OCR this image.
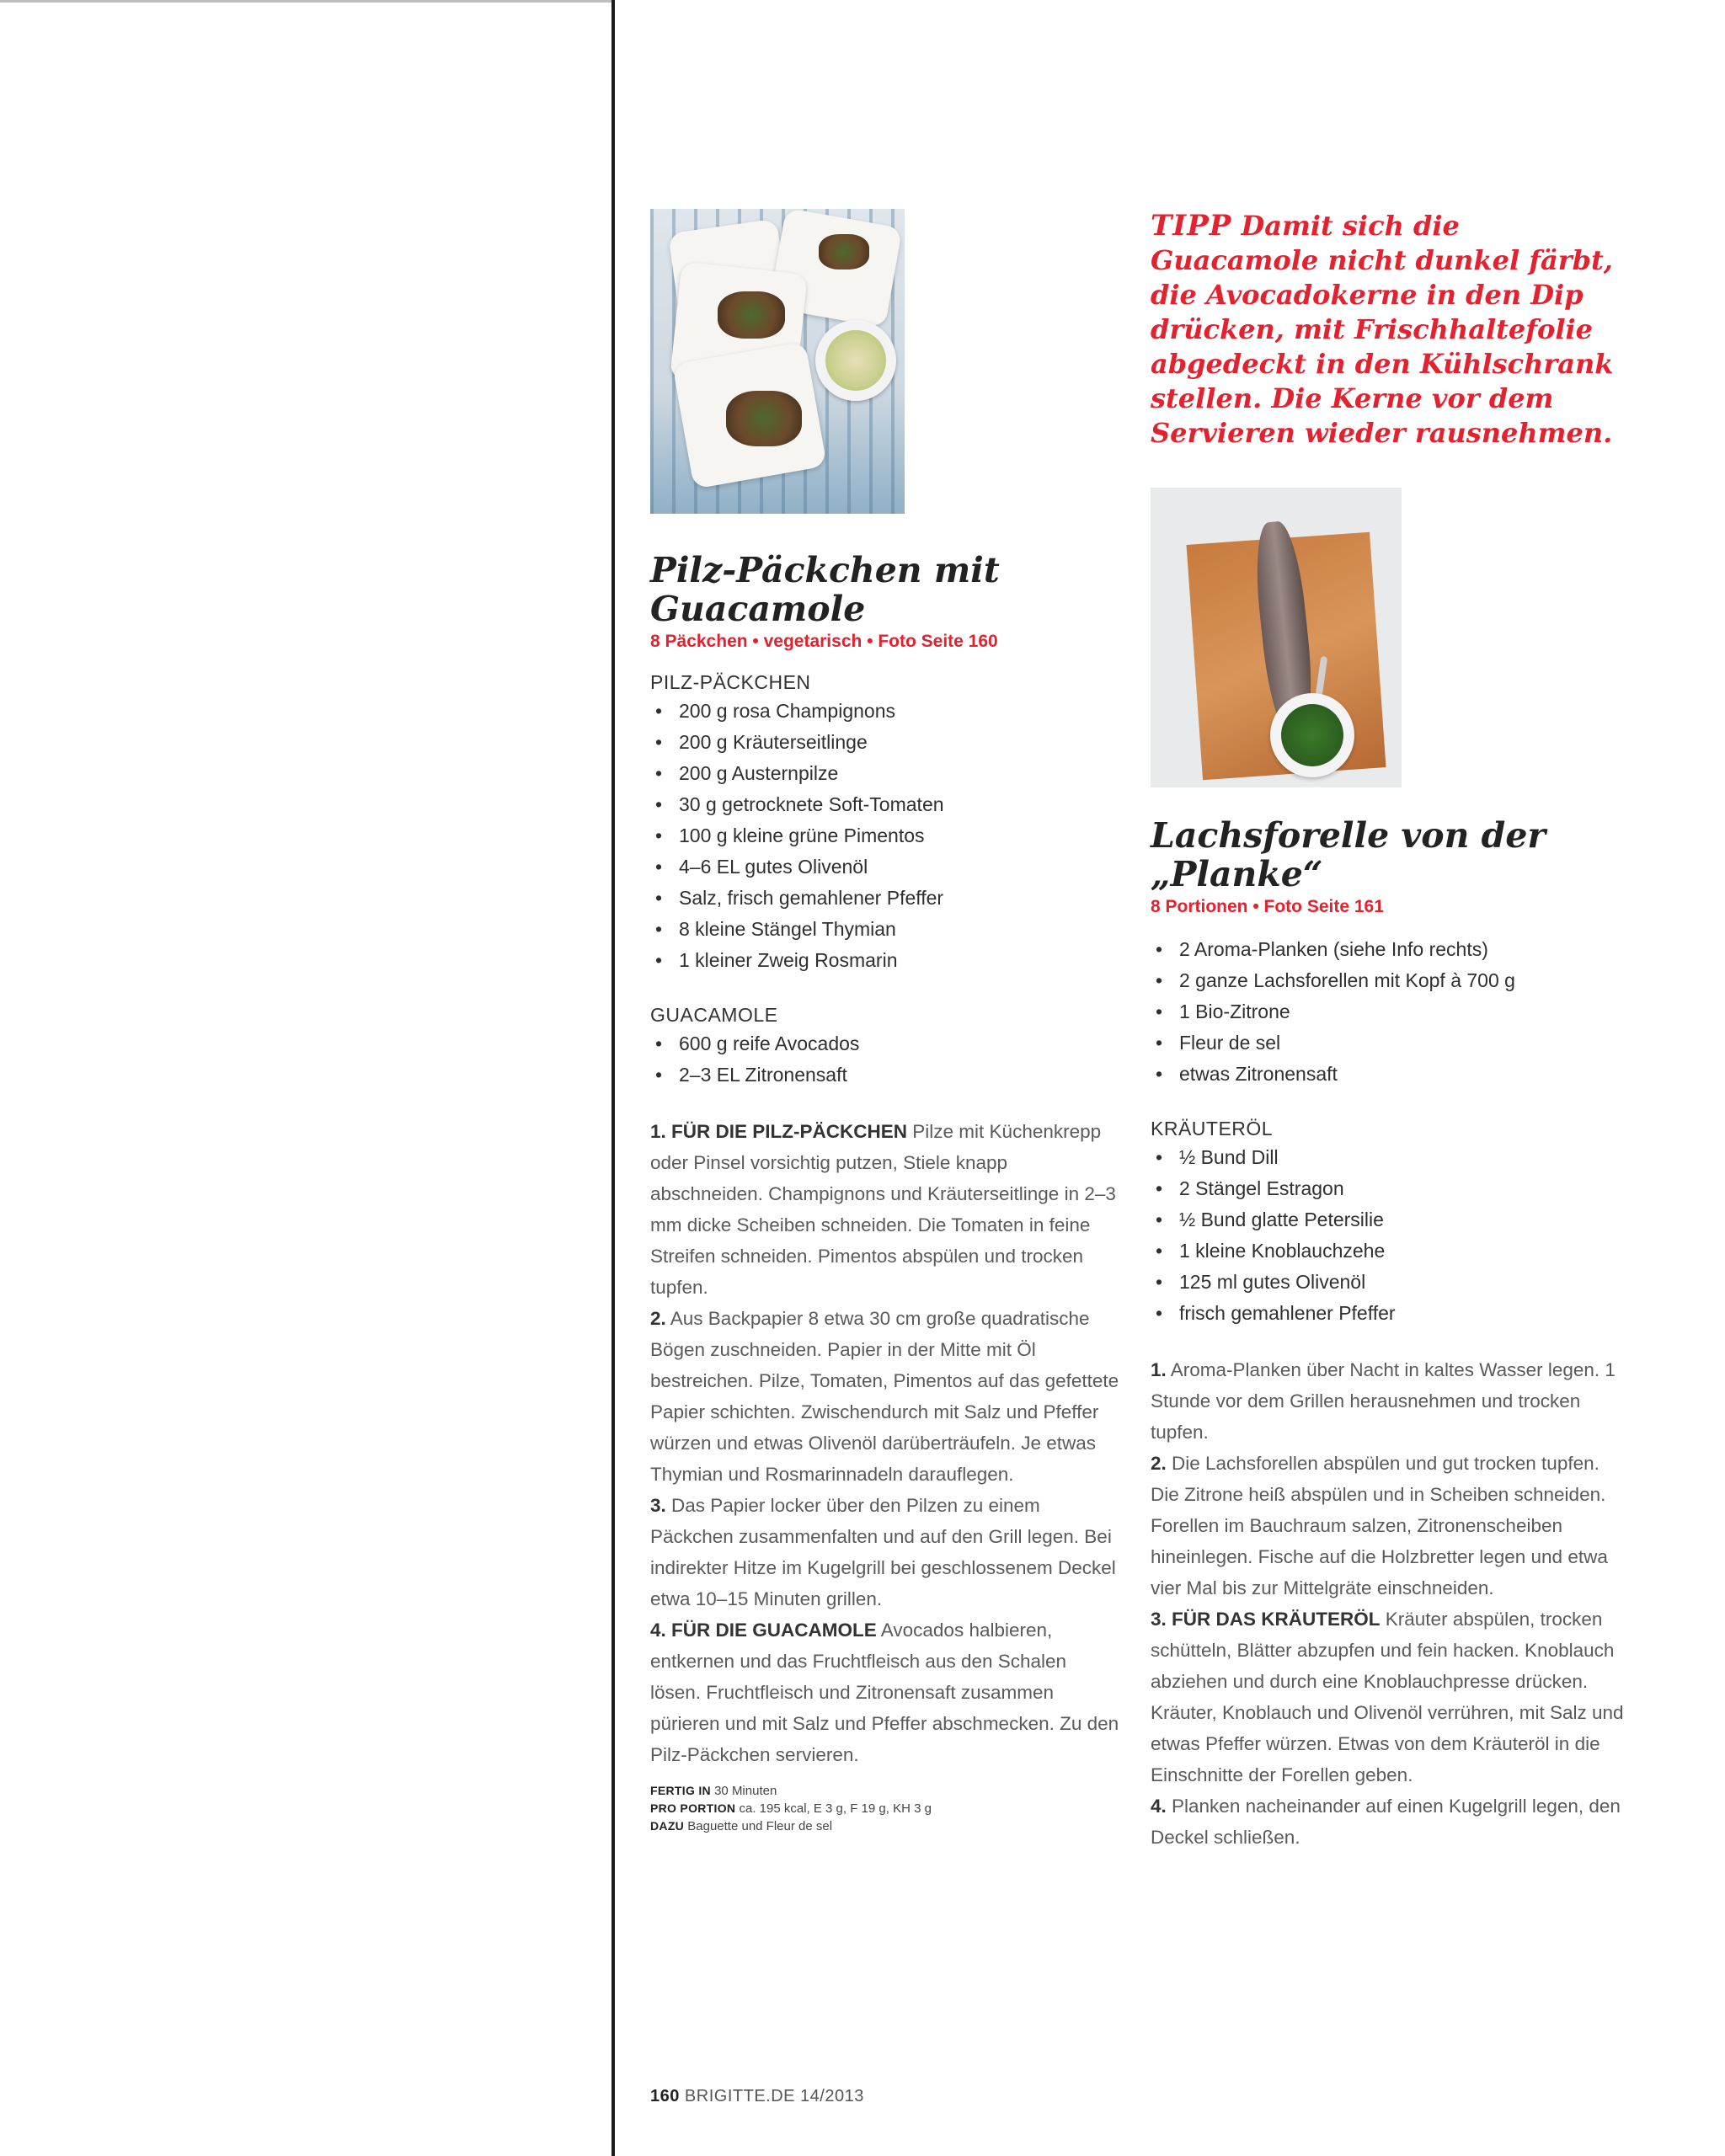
Pilz-Päckchen mit Guacamole
8 Päckchen • vegetarisch • Foto Seite 160
PILZ-PÄCKCHEN
• 200 g rosa Champignons
• 200 g Kräuterseitlinge
• 200 g Austernpilze
• 30 g getrocknete Soft-Tomaten
• 100 g kleine grüne Pimentos
• 4–6 EL gutes Olivenöl
• Salz, frisch gemahlener Pfeffer
• 8 kleine Stängel Thymian
• 1 kleiner Zweig Rosmarin
GUACAMOLE
• 600 g reife Avocados
• 2–3 EL Zitronensaft

1. FÜR DIE PILZ-PÄCKCHEN Pilze mit Küchenkrepp oder Pinsel vorsichtig putzen, Stiele knapp abschneiden. Champignons und Kräuterseitlinge in 2–3 mm dicke Scheiben schneiden. Die Tomaten in feine Streifen schneiden. Pimentos abspülen und trocken tupfen.

2. Aus Backpapier 8 etwa 30 cm große quadratische Bögen zuschneiden. Papier in der Mitte mit Öl bestreichen. Pilze, Tomaten, Pimentos auf das gefettete Papier schichten. Zwischendurch mit Salz und Pfeffer würzen und etwas Olivenöl darüberträufeln. Je etwas Thymian und Rosmarinnadeln darauflegen.

3. Das Papier locker über den Pilzen zu einem Päckchen zusammenfalten und auf den Grill legen. Bei indirekter Hitze im Kugelgrill bei geschlossenem Deckel etwa 10–15 Minuten grillen.

4. FÜR DIE GUACAMOLE Avocados halbieren, entkernen und das Fruchtfleisch aus den Schalen lösen. Fruchtfleisch und Zitronensaft zusammen pürieren und mit Salz und Pfeffer abschmecken. Zu den Pilz-Päckchen servieren.

FERTIG IN 30 Minuten
PRO PORTION ca. 195 kcal, E 3 g, F 19 g, KH 3 g
DAZU Baguette und Fleur de sel

TIPP Damit sich die Guacamole nicht dunkel färbt, die Avocadokerne in den Dip drücken, mit Frischhaltefolie abgedeckt in den Kühlschrank stellen. Die Kerne vor dem Servieren wieder rausnehmen.

Lachsforelle von der „Planke“
8 Portionen • Foto Seite 161
• 2 Aroma-Planken (siehe Info rechts)
• 2 ganze Lachsforellen mit Kopf à 700 g
• 1 Bio-Zitrone
• Fleur de sel
• etwas Zitronensaft
KRÄUTERÖL
• ½ Bund Dill
• 2 Stängel Estragon
• ½ Bund glatte Petersilie
• 1 kleine Knoblauchzehe
• 125 ml gutes Olivenöl
• frisch gemahlener Pfeffer

1. Aroma-Planken über Nacht in kaltes Wasser legen. 1 Stunde vor dem Grillen herausnehmen und trocken tupfen.

2. Die Lachsforellen abspülen und gut trocken tupfen. Die Zitrone heiß abspülen und in Scheiben schneiden. Forellen im Bauchraum salzen, Zitronenscheiben hineinlegen. Fische auf die Holzbretter legen und etwa vier Mal bis zur Mittelgräte einschneiden.

3. FÜR DAS KRÄUTERÖL Kräuter abspülen, trocken schütteln, Blätter abzupfen und fein hacken. Knoblauch abziehen und durch eine Knoblauchpresse drücken. Kräuter, Knoblauch und Olivenöl verrühren, mit Salz und etwas Pfeffer würzen. Etwas von dem Kräuteröl in die Einschnitte der Forellen geben.

4. Planken nacheinander auf einen Kugelgrill legen, den Deckel schließen.

160 BRIGITTE.DE 14/2013
